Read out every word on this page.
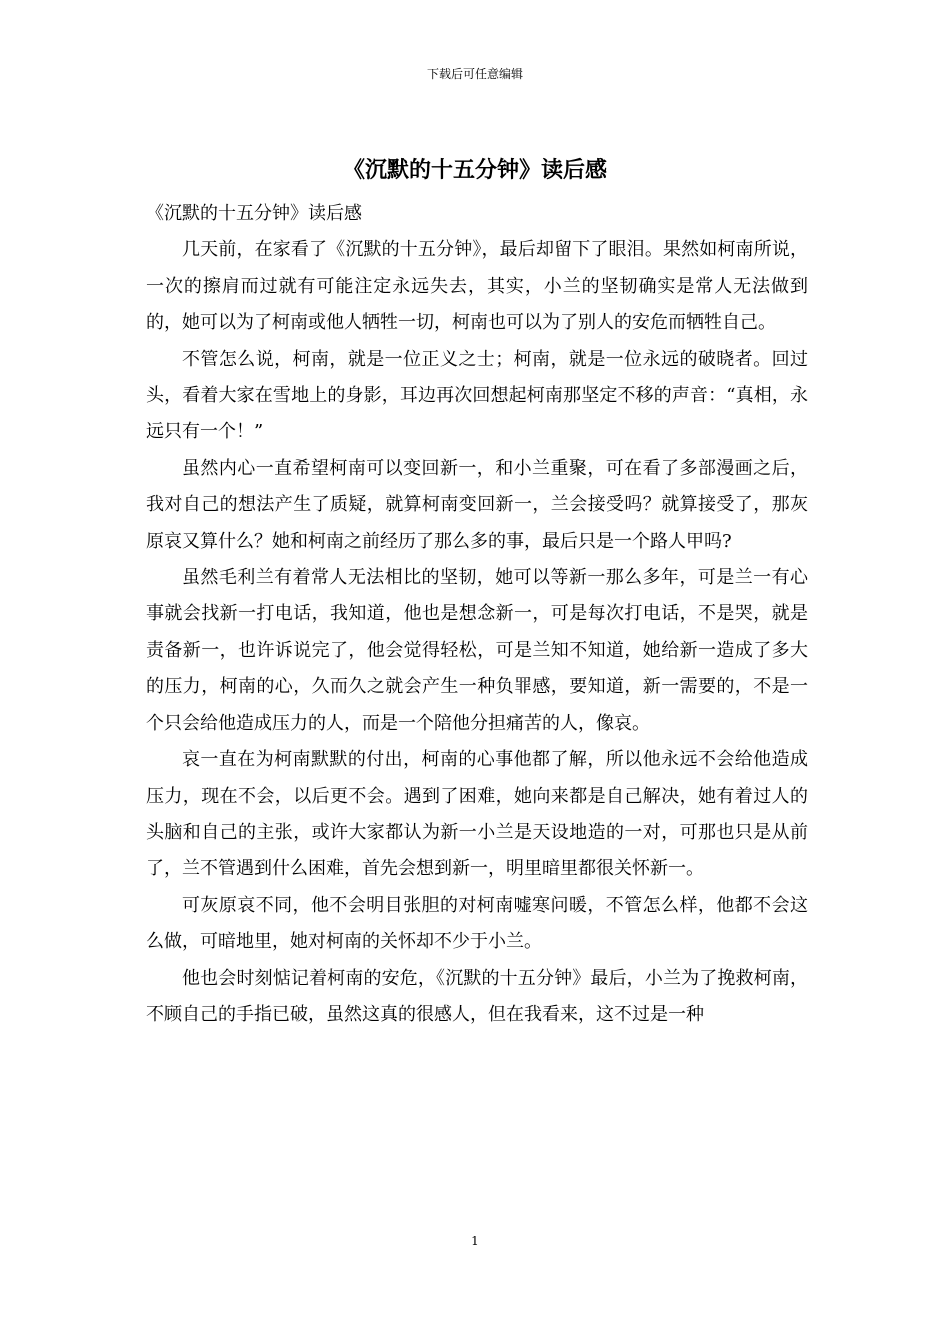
下载后可任意编辑
《沉默的十五分钟》读后感

《沉默的十五分钟》读后感

几天前，在家看了《沉默的十五分钟》，最后却留下了眼泪。果然如柯南所说，一次的擦肩而过就有可能注定永远失去，其实，小兰的坚韧确实是常人无法做到的，她可以为了柯南或他人牺牲一切，柯南也可以为了别人的安危而牺牲自己。

不管怎么说，柯南，就是一位正义之士；柯南，就是一位永远的破晓者。回过头，看着大家在雪地上的身影，耳边再次回想起柯南那坚定不移的声音：“真相，永远只有一个！”

虽然内心一直希望柯南可以变回新一，和小兰重聚，可在看了多部漫画之后，我对自己的想法产生了质疑，就算柯南变回新一，兰会接受吗？就算接受了，那灰原哀又算什么？她和柯南之前经历了那么多的事，最后只是一个路人甲吗?

虽然毛利兰有着常人无法相比的坚韧，她可以等新一那么多年，可是兰一有心事就会找新一打电话，我知道，他也是想念新一，可是每次打电话，不是哭，就是责备新一，也许诉说完了，他会觉得轻松，可是兰知不知道，她给新一造成了多大的压力，柯南的心，久而久之就会产生一种负罪感，要知道，新一需要的，不是一个只会给他造成压力的人，而是一个陪他分担痛苦的人，像哀。

哀一直在为柯南默默的付出，柯南的心事他都了解，所以他永远不会给他造成压力，现在不会，以后更不会。遇到了困难，她向来都是自己解决，她有着过人的头脑和自己的主张，或许大家都认为新一小兰是天设地造的一对，可那也只是从前了，兰不管遇到什么困难，首先会想到新一，明里暗里都很关怀新一。

可灰原哀不同，他不会明目张胆的对柯南嘘寒问暖，不管怎么样，他都不会这么做，可暗地里，她对柯南的关怀却不少于小兰。

他也会时刻惦记着柯南的安危，《沉默的十五分钟》最后，小兰为了挽救柯南，不顾自己的手指已破，虽然这真的很感人，但在我看来，这不过是一种

1
